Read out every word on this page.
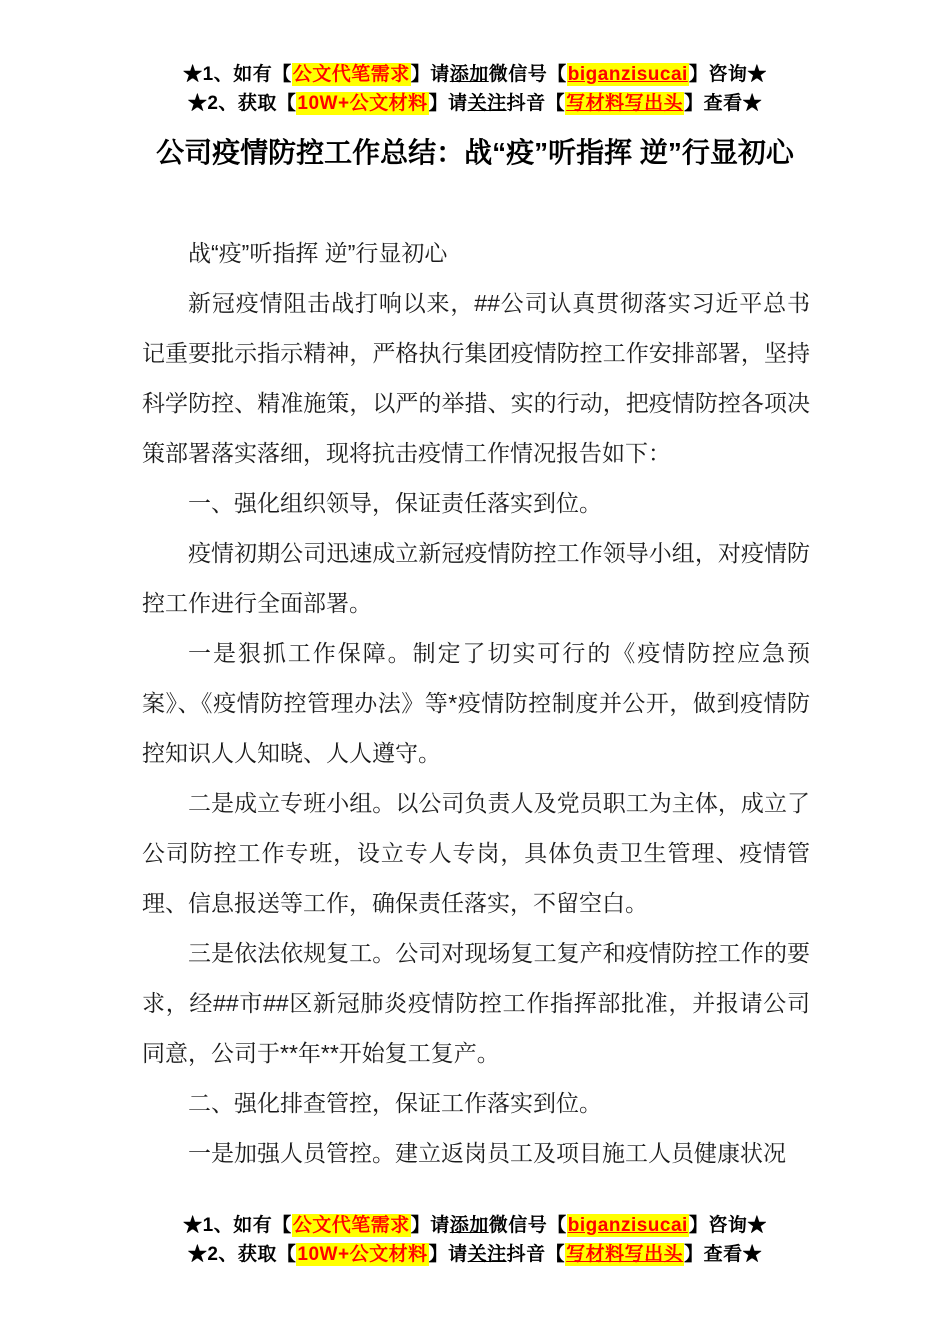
★1、如有【公文代笔需求】请添加微信号【biganzisucai】咨询★
★2、获取【10W+公文材料】请关注抖音【写材料写出头】查看★
公司疫情防控工作总结：战“疫”听指挥 逆”行显初心

战“疫”听指挥 逆”行显初心

新冠疫情阻击战打响以来，##公司认真贯彻落实习近平总书记重要批示指示精神，严格执行集团疫情防控工作安排部署，坚持科学防控、精准施策，以严的举措、实的行动，把疫情防控各项决策部署落实落细，现将抗击疫情工作情况报告如下：

一、强化组织领导，保证责任落实到位。

疫情初期公司迅速成立新冠疫情防控工作领导小组，对疫情防控工作进行全面部署。

一是狠抓工作保障。制定了切实可行的《疫情防控应急预案》、《疫情防控管理办法》等*疫情防控制度并公开，做到疫情防控知识人人知晓、人人遵守。

二是成立专班小组。以公司负责人及党员职工为主体，成立了公司防控工作专班，设立专人专岗，具体负责卫生管理、疫情管理、信息报送等工作，确保责任落实，不留空白。

三是依法依规复工。公司对现场复工复产和疫情防控工作的要求，经##市##区新冠肺炎疫情防控工作指挥部批准，并报请公司同意，公司于**年**开始复工复产。

二、强化排查管控，保证工作落实到位。

一是加强人员管控。建立返岗员工及项目施工人员健康状况

★1、如有【公文代笔需求】请添加微信号【biganzisucai】咨询★
★2、获取【10W+公文材料】请关注抖音【写材料写出头】查看★
